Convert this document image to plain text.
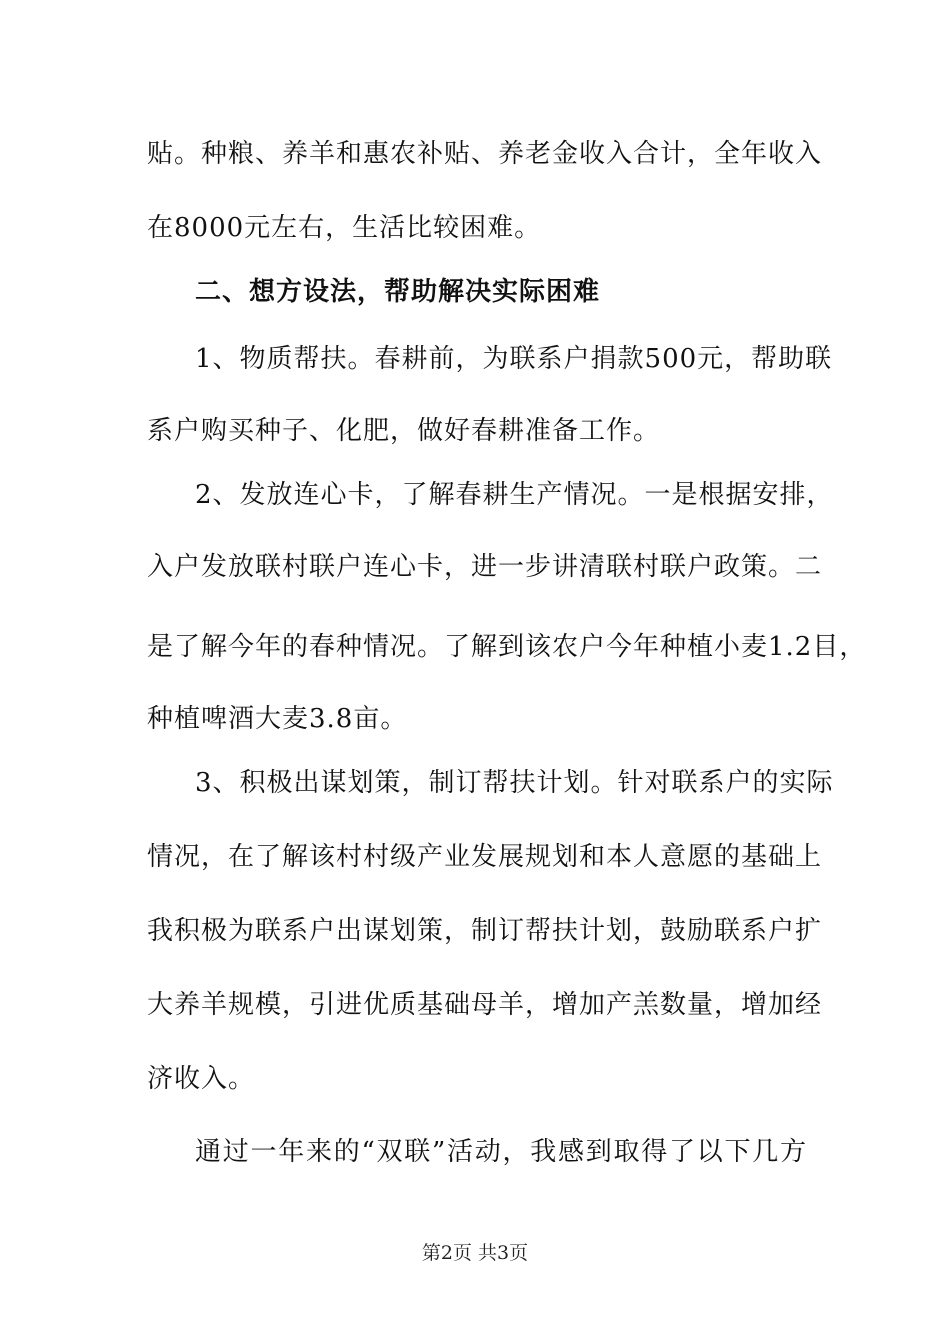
贴。种粮、养羊和惠农补贴、养老金收入合计，全年收入
在8000元左右，生活比较困难。
二、想方设法，帮助解决实际困难
1、物质帮扶。春耕前，为联系户捐款500元，帮助联
系户购买种子、化肥，做好春耕准备工作。
2、发放连心卡，了解春耕生产情况。一是根据安排，
入户发放联村联户连心卡，进一步讲清联村联户政策。二
是了解今年的春种情况。了解到该农户今年种植小麦1.2目，
种植啤酒大麦3.8亩。
3、积极出谋划策，制订帮扶计划。针对联系户的实际
情况，在了解该村村级产业发展规划和本人意愿的基础上
我积极为联系户出谋划策，制订帮扶计划，鼓励联系户扩
大养羊规模，引进优质基础母羊，增加产羔数量，增加经
济收入。
通过一年来的“双联”活动，我感到取得了以下几方
第2页 共3页
